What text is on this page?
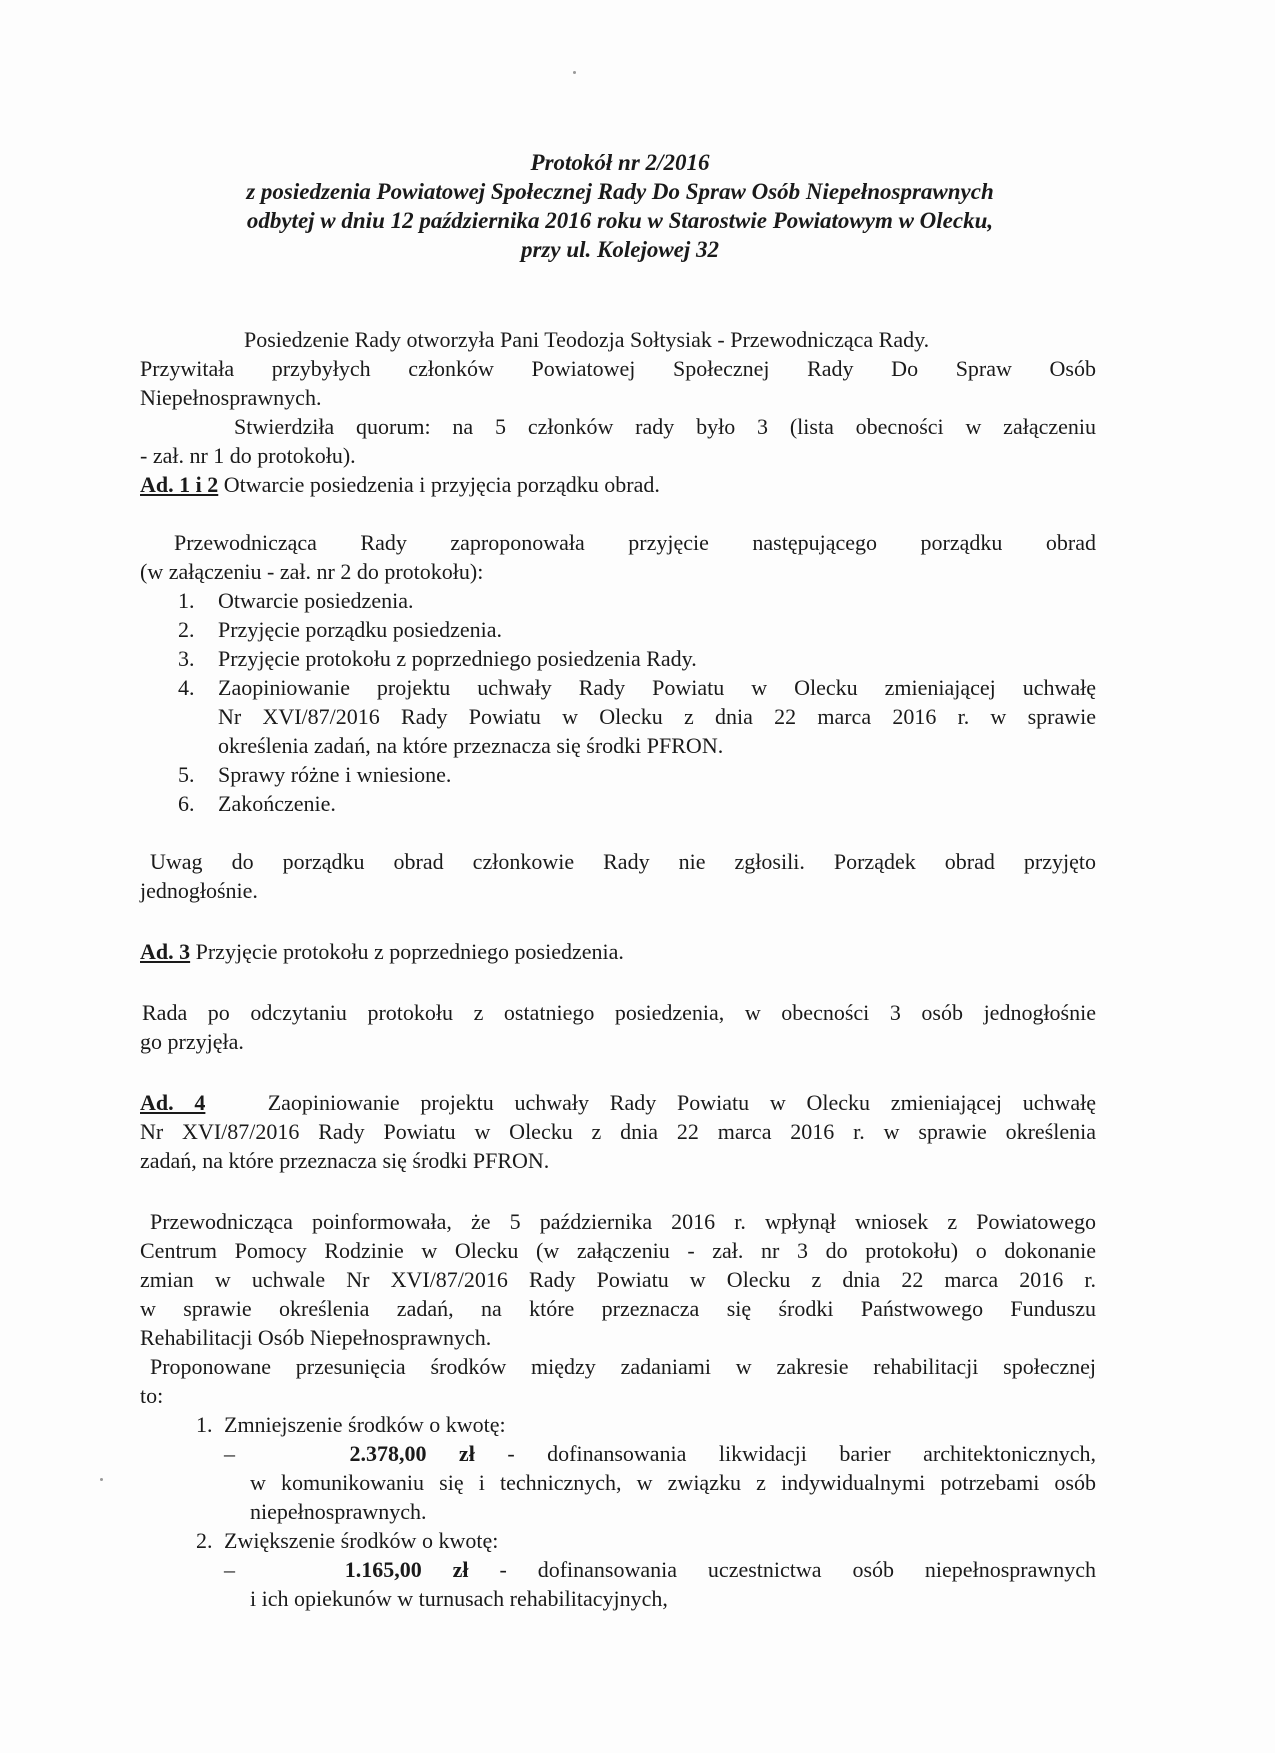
Protokół nr 2/2016
z posiedzenia Powiatowej Społecznej Rady Do Spraw Osób Niepełnosprawnych
odbytej w dniu 12 października 2016 roku w Starostwie Powiatowym w Olecku,
przy ul. Kolejowej 32
Posiedzenie Rady otworzyła Pani Teodozja Sołtysiak - Przewodnicząca Rady.
Przywitała przybyłych członków Powiatowej Społecznej Rady Do Spraw Osób
Niepełnosprawnych.
Stwierdziła quorum: na 5 członków rady było 3 (lista obecności w załączeniu
- zał. nr 1 do protokołu).
Ad. 1 i 2 Otwarcie posiedzenia i przyjęcia porządku obrad.
Przewodnicząca Rady zaproponowała przyjęcie następującego porządku obrad
(w załączeniu - zał. nr 2 do protokołu):
1. Otwarcie posiedzenia.
2. Przyjęcie porządku posiedzenia.
3. Przyjęcie protokołu z poprzedniego posiedzenia Rady.
4. Zaopiniowanie projektu uchwały Rady Powiatu w Olecku zmieniającej uchwałę
Nr XVI/87/2016 Rady Powiatu w Olecku z dnia 22 marca 2016 r. w sprawie
określenia zadań, na które przeznacza się środki PFRON.
5. Sprawy różne i wniesione.
6. Zakończenie.
Uwag do porządku obrad członkowie Rady nie zgłosili. Porządek obrad przyjęto
jednogłośnie.
Ad. 3 Przyjęcie protokołu z poprzedniego posiedzenia.
Rada po odczytaniu protokołu z ostatniego posiedzenia, w obecności 3 osób jednogłośnie
go przyjęła.
Ad. 4	Zaopiniowanie projektu uchwały Rady Powiatu w Olecku zmieniającej uchwałę
Nr XVI/87/2016 Rady Powiatu w Olecku z dnia 22 marca 2016 r. w sprawie określenia
zadań, na które przeznacza się środki PFRON.
Przewodnicząca poinformowała, że 5 października 2016 r. wpłynął wniosek z Powiatowego
Centrum Pomocy Rodzinie w Olecku (w załączeniu - zał. nr 3 do protokołu) o dokonanie
zmian w uchwale Nr XVI/87/2016 Rady Powiatu w Olecku z dnia 22 marca 2016 r.
w sprawie określenia zadań, na które przeznacza się środki Państwowego Funduszu
Rehabilitacji Osób Niepełnosprawnych.
Proponowane przesunięcia środków między zadaniami w zakresie rehabilitacji społecznej
to:
1. Zmniejszenie środków o kwotę:
–	2.378,00 zł - dofinansowania likwidacji barier architektonicznych,
w komunikowaniu się i technicznych, w związku z indywidualnymi potrzebami osób
niepełnosprawnych.
2. Zwiększenie środków o kwotę:
–	1.165,00 zł - dofinansowania uczestnictwa osób niepełnosprawnych
i ich opiekunów w turnusach rehabilitacyjnych,
